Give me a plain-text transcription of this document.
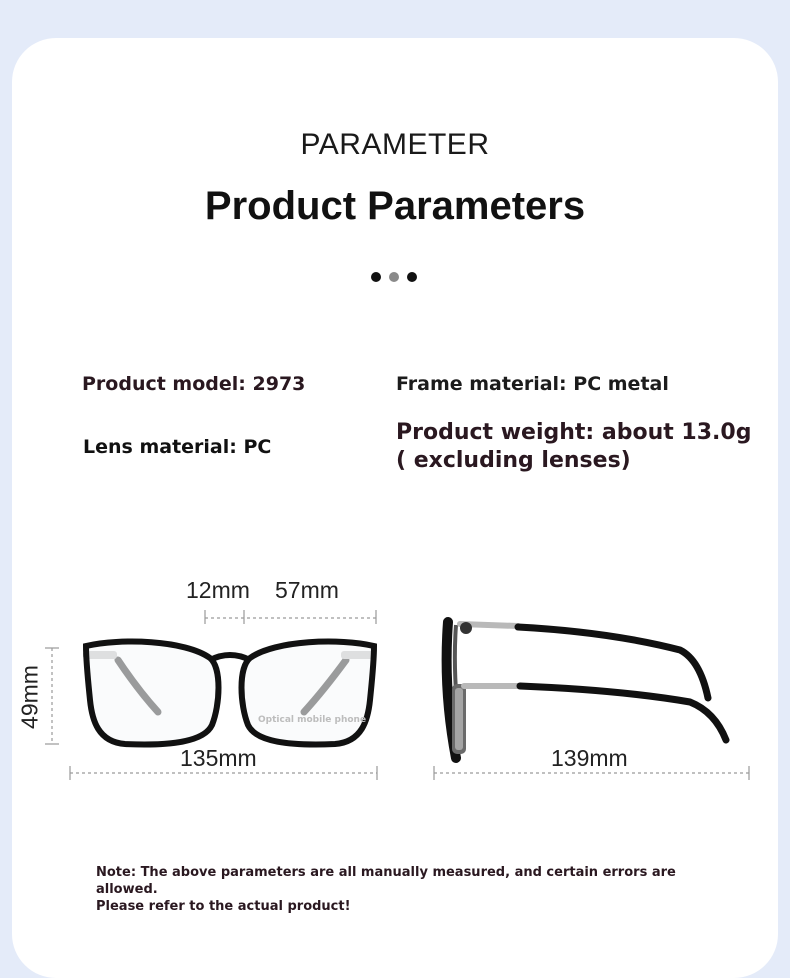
PARAMETER
Product Parameters
Product model: 2973	Frame material: PC metal
Lens material: PC
Product weight: about 13.0g ( excluding lenses)
Optical mobile phone
12mm 57mm
49mm
135mm	139mm
Note: The above parameters are all manually measured, and certain errors are allowed.
Please refer to the actual product!
